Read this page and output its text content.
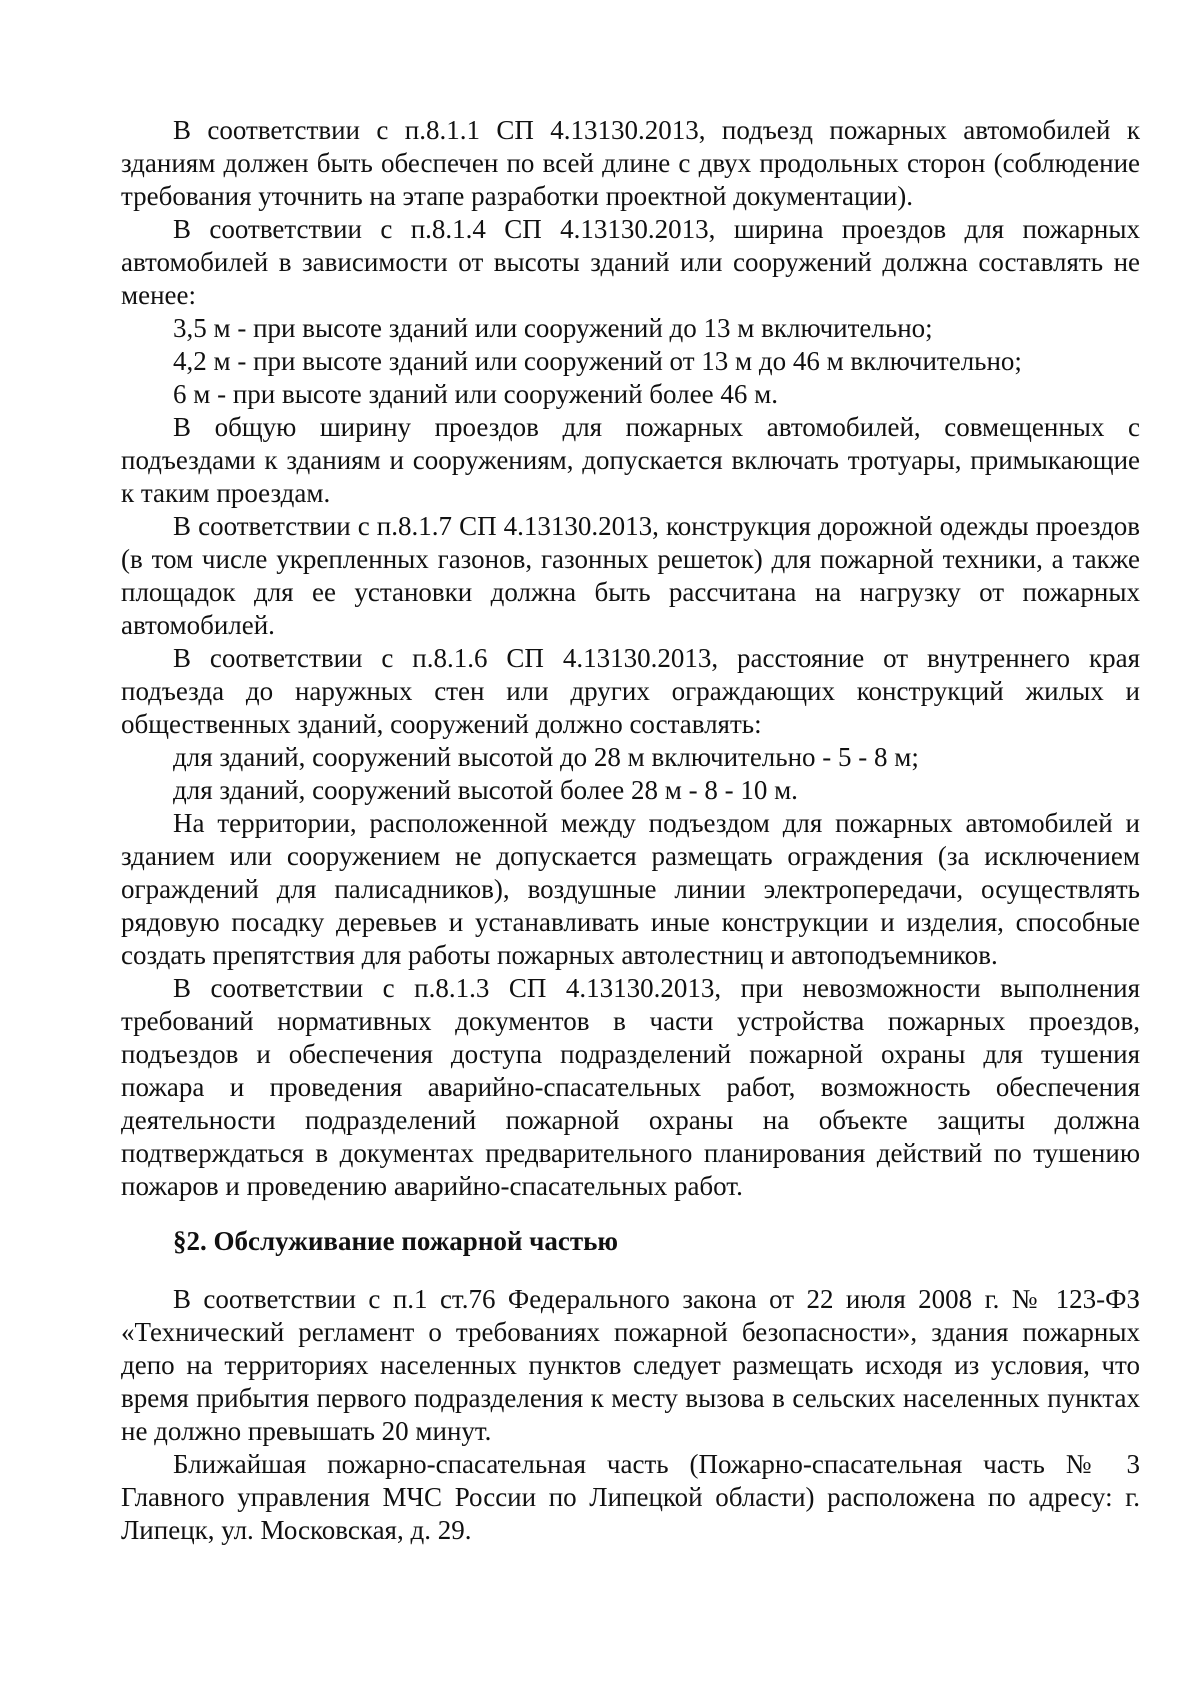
В соответствии с п.8.1.1 СП 4.13130.2013, подъезд пожарных автомобилей к зданиям должен быть обеспечен по всей длине с двух продольных сторон (соблюдение требования уточнить на этапе разработки проектной документации).

В соответствии с п.8.1.4 СП 4.13130.2013, ширина проездов для пожарных автомобилей в зависимости от высоты зданий или сооружений должна составлять не менее:

3,5 м - при высоте зданий или сооружений до 13 м включительно;

4,2 м - при высоте зданий или сооружений от 13 м до 46 м включительно;

6 м - при высоте зданий или сооружений более 46 м.

В общую ширину проездов для пожарных автомобилей, совмещенных с подъездами к зданиям и сооружениям, допускается включать тротуары, примыкающие к таким проездам.

В соответствии с п.8.1.7 СП 4.13130.2013, конструкция дорожной одежды проездов (в том числе укрепленных газонов, газонных решеток) для пожарной техники, а также площадок для ее установки должна быть рассчитана на нагрузку от пожарных автомобилей.

В соответствии с п.8.1.6 СП 4.13130.2013, расстояние от внутреннего края подъезда до наружных стен или других ограждающих конструкций жилых и общественных зданий, сооружений должно составлять:

для зданий, сооружений высотой до 28 м включительно - 5 - 8 м;

для зданий, сооружений высотой более 28 м - 8 - 10 м.

На территории, расположенной между подъездом для пожарных автомобилей и зданием или сооружением не допускается размещать ограждения (за исключением ограждений для палисадников), воздушные линии электропередачи, осуществлять рядовую посадку деревьев и устанавливать иные конструкции и изделия, способные создать препятствия для работы пожарных автолестниц и автоподъемников.

В соответствии с п.8.1.3 СП 4.13130.2013, при невозможности выполнения требований нормативных документов в части устройства пожарных проездов, подъездов и обеспечения доступа подразделений пожарной охраны для тушения пожара и проведения аварийно-спасательных работ, возможность обеспечения деятельности подразделений пожарной охраны на объекте защиты должна подтверждаться в документах предварительного планирования действий по тушению пожаров и проведению аварийно-спасательных работ.

§2. Обслуживание пожарной частью

В соответствии с п.1 ст.76 Федерального закона от 22 июля 2008 г. № 123-ФЗ «Технический регламент о требованиях пожарной безопасности», здания пожарных депо на территориях населенных пунктов следует размещать исходя из условия, что время прибытия первого подразделения к месту вызова в сельских населенных пунктах не должно превышать 20 минут.

Ближайшая пожарно-спасательная часть (Пожарно-спасательная часть № 3 Главного управления МЧС России по Липецкой области) расположена по адресу: г. Липецк, ул. Московская, д. 29.
